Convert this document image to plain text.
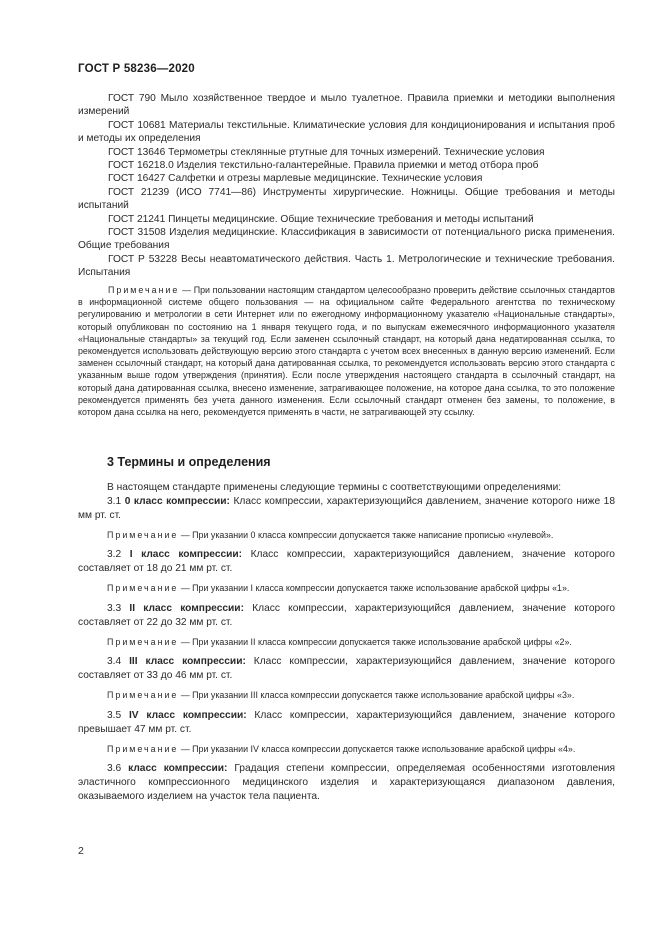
ГОСТ Р 58236—2020

ГОСТ 790 Мыло хозяйственное твердое и мыло туалетное. Правила приемки и методики выполнения измерений

ГОСТ 10681 Материалы текстильные. Климатические условия для кондиционирования и испытания проб и методы их определения

ГОСТ 13646 Термометры стеклянные ртутные для точных измерений. Технические условия

ГОСТ 16218.0 Изделия текстильно-галантерейные. Правила приемки и метод отбора проб

ГОСТ 16427 Салфетки и отрезы марлевые медицинские. Технические условия

ГОСТ 21239 (ИСО 7741—86) Инструменты хирургические. Ножницы. Общие требования и методы испытаний

ГОСТ 21241 Пинцеты медицинские. Общие технические требования и методы испытаний

ГОСТ 31508 Изделия медицинские. Классификация в зависимости от потенциального риска применения. Общие требования

ГОСТ Р 53228 Весы неавтоматического действия. Часть 1. Метрологические и технические требования. Испытания

Примечание — При пользовании настоящим стандартом целесообразно проверить действие ссылочных стандартов в информационной системе общего пользования — на официальном сайте Федерального агентства по техническому регулированию и метрологии в сети Интернет или по ежегодному информационному указателю «Национальные стандарты», который опубликован по состоянию на 1 января текущего года, и по выпускам ежемесячного информационного указателя «Национальные стандарты» за текущий год. Если заменен ссылочный стандарт, на который дана недатированная ссылка, то рекомендуется использовать действующую версию этого стандарта с учетом всех внесенных в данную версию изменений. Если заменен ссылочный стандарт, на который дана датированная ссылка, то рекомендуется использовать версию этого стандарта с указанным выше годом утверждения (принятия). Если после утверждения настоящего стандарта в ссылочный стандарт, на который дана датированная ссылка, внесено изменение, затрагивающее положение, на которое дана ссылка, то это положение рекомендуется применять без учета данного изменения. Если ссылочный стандарт отменен без замены, то положение, в котором дана ссылка на него, рекомендуется применять в части, не затрагивающей эту ссылку.

3 Термины и определения

В настоящем стандарте применены следующие термины с соответствующими определениями:

3.1 0 класс компрессии: Класс компрессии, характеризующийся давлением, значение которого ниже 18 мм рт. ст.

Примечание — При указании 0 класса компрессии допускается также написание прописью «нулевой».

3.2 I класс компрессии: Класс компрессии, характеризующийся давлением, значение которого составляет от 18 до 21 мм рт. ст.

Примечание — При указании I класса компрессии допускается также использование арабской цифры «1».

3.3 II класс компрессии: Класс компрессии, характеризующийся давлением, значение которого составляет от 22 до 32 мм рт. ст.

Примечание — При указании II класса компрессии допускается также использование арабской цифры «2».

3.4 III класс компрессии: Класс компрессии, характеризующийся давлением, значение которого составляет от 33 до 46 мм рт. ст.

Примечание — При указании III класса компрессии допускается также использование арабской цифры «3».

3.5 IV класс компрессии: Класс компрессии, характеризующийся давлением, значение которого превышает 47 мм рт. ст.

Примечание — При указании IV класса компрессии допускается также использование арабской цифры «4».

3.6 класс компрессии: Градация степени компрессии, определяемая особенностями изготовления эластичного компрессионного медицинского изделия и характеризующаяся диапазоном давления, оказываемого изделием на участок тела пациента.

2
